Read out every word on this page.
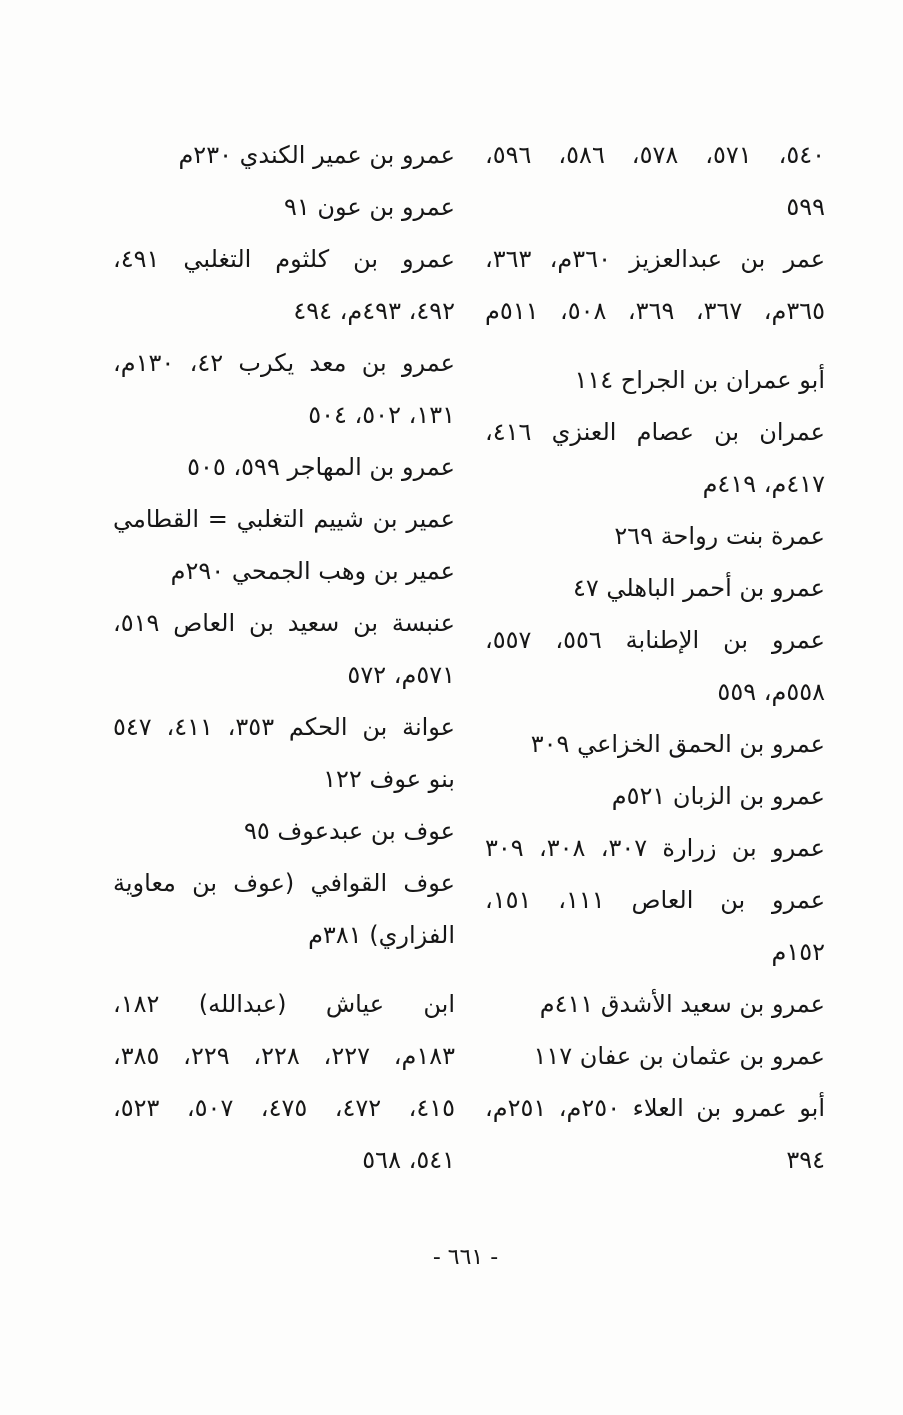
٥٤٠، ٥٧١، ٥٧٨، ٥٨٦، ٥٩٦،
٥٩٩
عمر بن عبدالعزيز ٣٦٠م، ٣٦٣،
٣٦٥م، ٣٦٧، ٣٦٩، ٥٠٨، ٥١١م
أبو عمران بن الجراح ١١٤
عمران بن عصام العنزي ٤١٦،
٤١٧م، ٤١٩م
عمرة بنت رواحة ٢٦٩
عمرو بن أحمر الباهلي ٤٧
عمرو بن الإطنابة ٥٥٦، ٥٥٧،
٥٥٨م، ٥٥٩
عمرو بن الحمق الخزاعي ٣٠٩
عمرو بن الزبان ٥٢١م
عمرو بن زرارة ٣٠٧، ٣٠٨، ٣٠٩
عمرو بن العاص ١١١، ١٥١،
١٥٢م
عمرو بن سعيد الأشدق ٤١١م
عمرو بن عثمان بن عفان ١١٧
أبو عمرو بن العلاء ٢٥٠م، ٢٥١م،
٣٩٤
عمرو بن عمير الكندي ٢٣٠م
عمرو بن عون ٩١
عمرو بن كلثوم التغلبي ٤٩١،
٤٩٢، ٤٩٣م، ٤٩٤
عمرو بن معد يكرب ٤٢، ١٣٠م،
١٣١، ٥٠٢، ٥٠٤
عمرو بن المهاجر ٥٩٩، ٥٠٥
عمير بن شييم التغلبي = القطامي
عمير بن وهب الجمحي ٢٩٠م
عنبسة بن سعيد بن العاص ٥١٩،
٥٧١م، ٥٧٢
عوانة بن الحكم ٣٥٣، ٤١١، ٥٤٧
بنو عوف ١٢٢
عوف بن عبدعوف ٩٥
عوف القوافي (عوف بن معاوية
الفزاري) ٣٨١م
ابن عياش (عبدالله) ١٨٢،
١٨٣م، ٢٢٧، ٢٢٨، ٢٢٩، ٣٨٥،
٤١٥، ٤٧٢، ٤٧٥، ٥٠٧، ٥٢٣،
٥٤١، ٥٦٨
- ٦٦١ -
